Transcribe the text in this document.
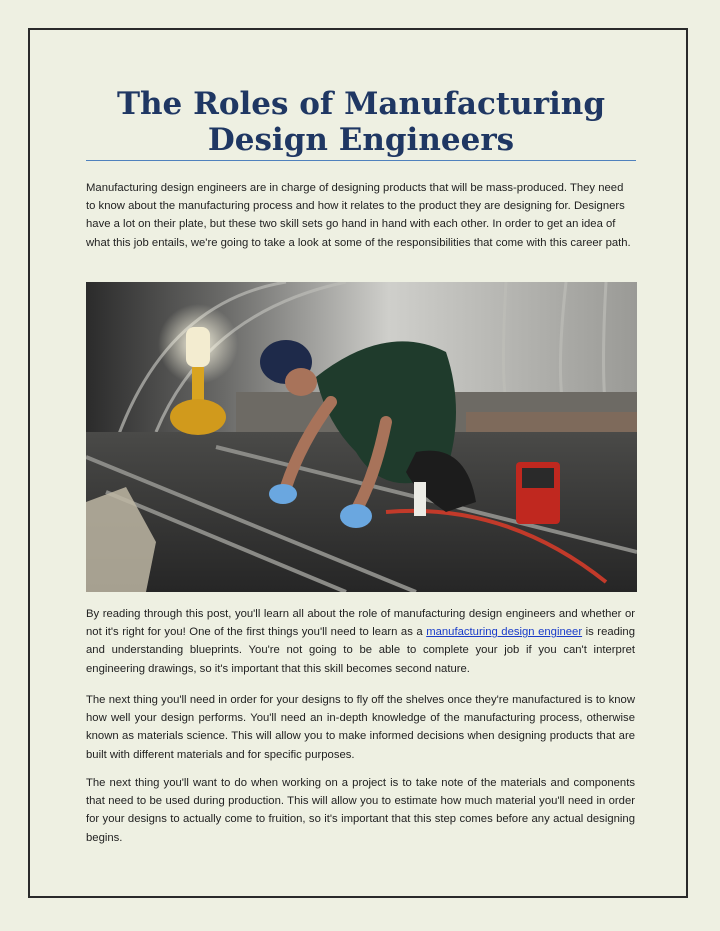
The Roles of Manufacturing Design Engineers

Manufacturing design engineers are in charge of designing products that will be mass-produced. They need to know about the manufacturing process and how it relates to the product they are designing for. Designers have a lot on their plate, but these two skill sets go hand in hand with each other. In order to get an idea of what this job entails, we're going to take a look at some of the responsibilities that come with this career path.

By reading through this post, you'll learn all about the role of manufacturing design engineers and whether or not it's right for you! One of the first things you'll need to learn as a manufacturing design engineer is reading and understanding blueprints. You're not going to be able to complete your job if you can't interpret engineering drawings, so it's important that this skill becomes second nature.

The next thing you'll need in order for your designs to fly off the shelves once they're manufactured is to know how well your design performs. You'll need an in-depth knowledge of the manufacturing process, otherwise known as materials science. This will allow you to make informed decisions when designing products that are built with different materials and for specific purposes.

The next thing you'll want to do when working on a project is to take note of the materials and components that need to be used during production. This will allow you to estimate how much material you'll need in order for your designs to actually come to fruition, so it's important that this step comes before any actual designing begins.
